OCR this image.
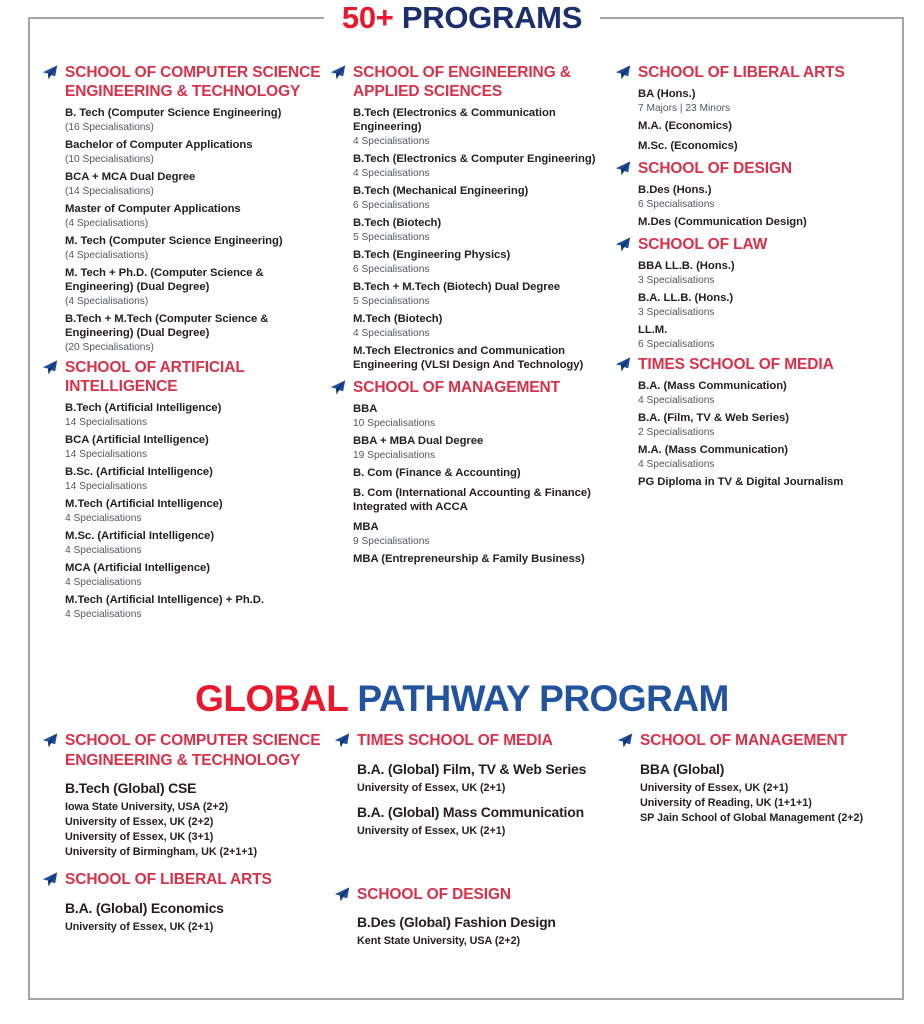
50+ PROGRAMS
SCHOOL OF COMPUTER SCIENCE ENGINEERING & TECHNOLOGY
B. Tech (Computer Science Engineering)
(16 Specialisations)
Bachelor of Computer Applications
(10 Specialisations)
BCA + MCA Dual Degree
(14 Specialisations)
Master of Computer Applications
(4 Specialisations)
M. Tech (Computer Science Engineering)
(4 Specialisations)
M. Tech + Ph.D. (Computer Science & Engineering) (Dual Degree)
(4 Specialisations)
B.Tech + M.Tech (Computer Science & Engineering) (Dual Degree)
(20 Specialisations)
SCHOOL OF ARTIFICIAL INTELLIGENCE
B.Tech (Artificial Intelligence)
14 Specialisations
BCA (Artificial Intelligence)
14 Specialisations
B.Sc. (Artificial Intelligence)
14 Specialisations
M.Tech (Artificial Intelligence)
4 Specialisations
M.Sc. (Artificial Intelligence)
4 Specialisations
MCA (Artificial Intelligence)
4 Specialisations
M.Tech (Artificial Intelligence) + Ph.D.
4 Specialisations
SCHOOL OF ENGINEERING & APPLIED SCIENCES
B.Tech (Electronics & Communication Engineering)
4 Specialisations
B.Tech (Electronics & Computer Engineering)
4 Specialisations
B.Tech (Mechanical Engineering)
6 Specialisations
B.Tech (Biotech)
5 Specialisations
B.Tech (Engineering Physics)
6 Specialisations
B.Tech + M.Tech (Biotech) Dual Degree
5 Specialisations
M.Tech (Biotech)
4 Specialisations
M.Tech Electronics and Communication Engineering (VLSI Design And Technology)
SCHOOL OF MANAGEMENT
BBA
10 Specialisations
BBA + MBA Dual Degree
19 Specialisations
B. Com (Finance & Accounting)
B. Com (International Accounting & Finance) Integrated with ACCA
MBA
9 Specialisations
MBA (Entrepreneurship & Family Business)
SCHOOL OF LIBERAL ARTS
BA (Hons.)
7 Majors | 23 Minors
M.A. (Economics)
M.Sc. (Economics)
SCHOOL OF DESIGN
B.Des (Hons.)
6 Specialisations
M.Des (Communication Design)
SCHOOL OF LAW
BBA LL.B. (Hons.)
3 Specialisations
B.A. LL.B. (Hons.)
3 Specialisations
LL.M.
6 Specialisations
TIMES SCHOOL OF MEDIA
B.A. (Mass Communication)
4 Specialisations
B.A. (Film, TV & Web Series)
2 Specialisations
M.A. (Mass Communication)
4 Specialisations
PG Diploma in TV & Digital Journalism
GLOBAL PATHWAY PROGRAM
SCHOOL OF COMPUTER SCIENCE ENGINEERING & TECHNOLOGY
B.Tech (Global) CSE
Iowa State University, USA (2+2)
University of Essex, UK (2+2)
University of Essex, UK (3+1)
University of Birmingham, UK (2+1+1)
SCHOOL OF LIBERAL ARTS
B.A. (Global) Economics
University of Essex, UK (2+1)
TIMES SCHOOL OF MEDIA
B.A. (Global) Film, TV & Web Series
University of Essex, UK (2+1)
B.A. (Global) Mass Communication
University of Essex, UK (2+1)
SCHOOL OF DESIGN
B.Des (Global) Fashion Design
Kent State University, USA (2+2)
SCHOOL OF MANAGEMENT
BBA (Global)
University of Essex, UK (2+1)
University of Reading, UK (1+1+1)
SP Jain School of Global Management (2+2)
